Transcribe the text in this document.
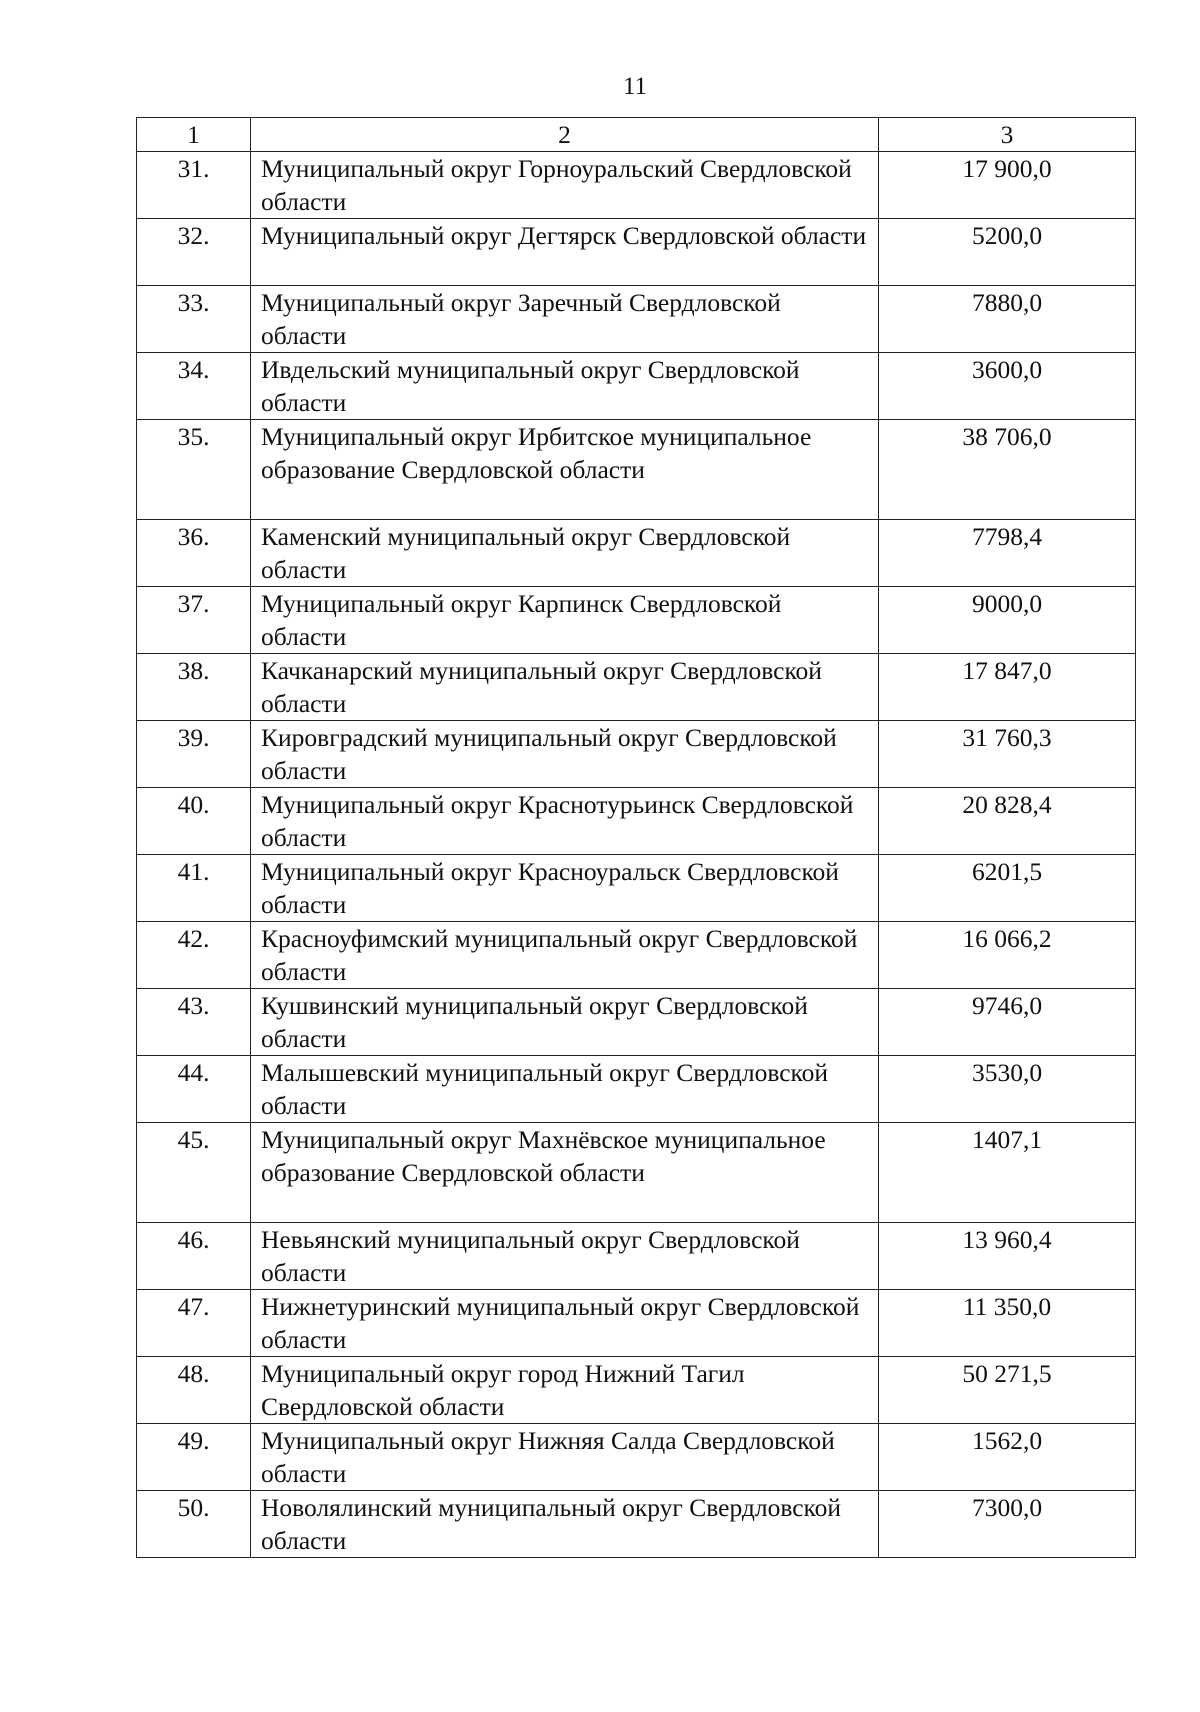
11
1	2	3
31.	Муниципальный округ Горноуральский Свердловской области	17 900,0
32.	Муниципальный округ Дегтярск Свердловской области	5200,0
33.	Муниципальный округ Заречный Свердловской области	7880,0
34.	Ивдельский муниципальный округ Свердловской области	3600,0
35.	Муниципальный округ Ирбитское муниципальное образование Свердловской области	38 706,0
36.	Каменский муниципальный округ Свердловской области	7798,4
37.	Муниципальный округ Карпинск Свердловской области	9000,0
38.	Качканарский муниципальный округ Свердловской области	17 847,0
39.	Кировградский муниципальный округ Свердловской области	31 760,3
40.	Муниципальный округ Краснотурьинск Свердловской области	20 828,4
41.	Муниципальный округ Красноуральск Свердловской области	6201,5
42.	Красноуфимский муниципальный округ Свердловской области	16 066,2
43.	Кушвинский муниципальный округ Свердловской области	9746,0
44.	Малышевский муниципальный округ Свердловской области	3530,0
45.	Муниципальный округ Махнёвское муниципальное образование Свердловской области	1407,1
46.	Невьянский муниципальный округ Свердловской области	13 960,4
47.	Нижнетуринский муниципальный округ Свердловской области	11 350,0
48.	Муниципальный округ город Нижний Тагил Свердловской области	50 271,5
49.	Муниципальный округ Нижняя Салда Свердловской области	1562,0
50.	Новолялинский муниципальный округ Свердловской области	7300,0
